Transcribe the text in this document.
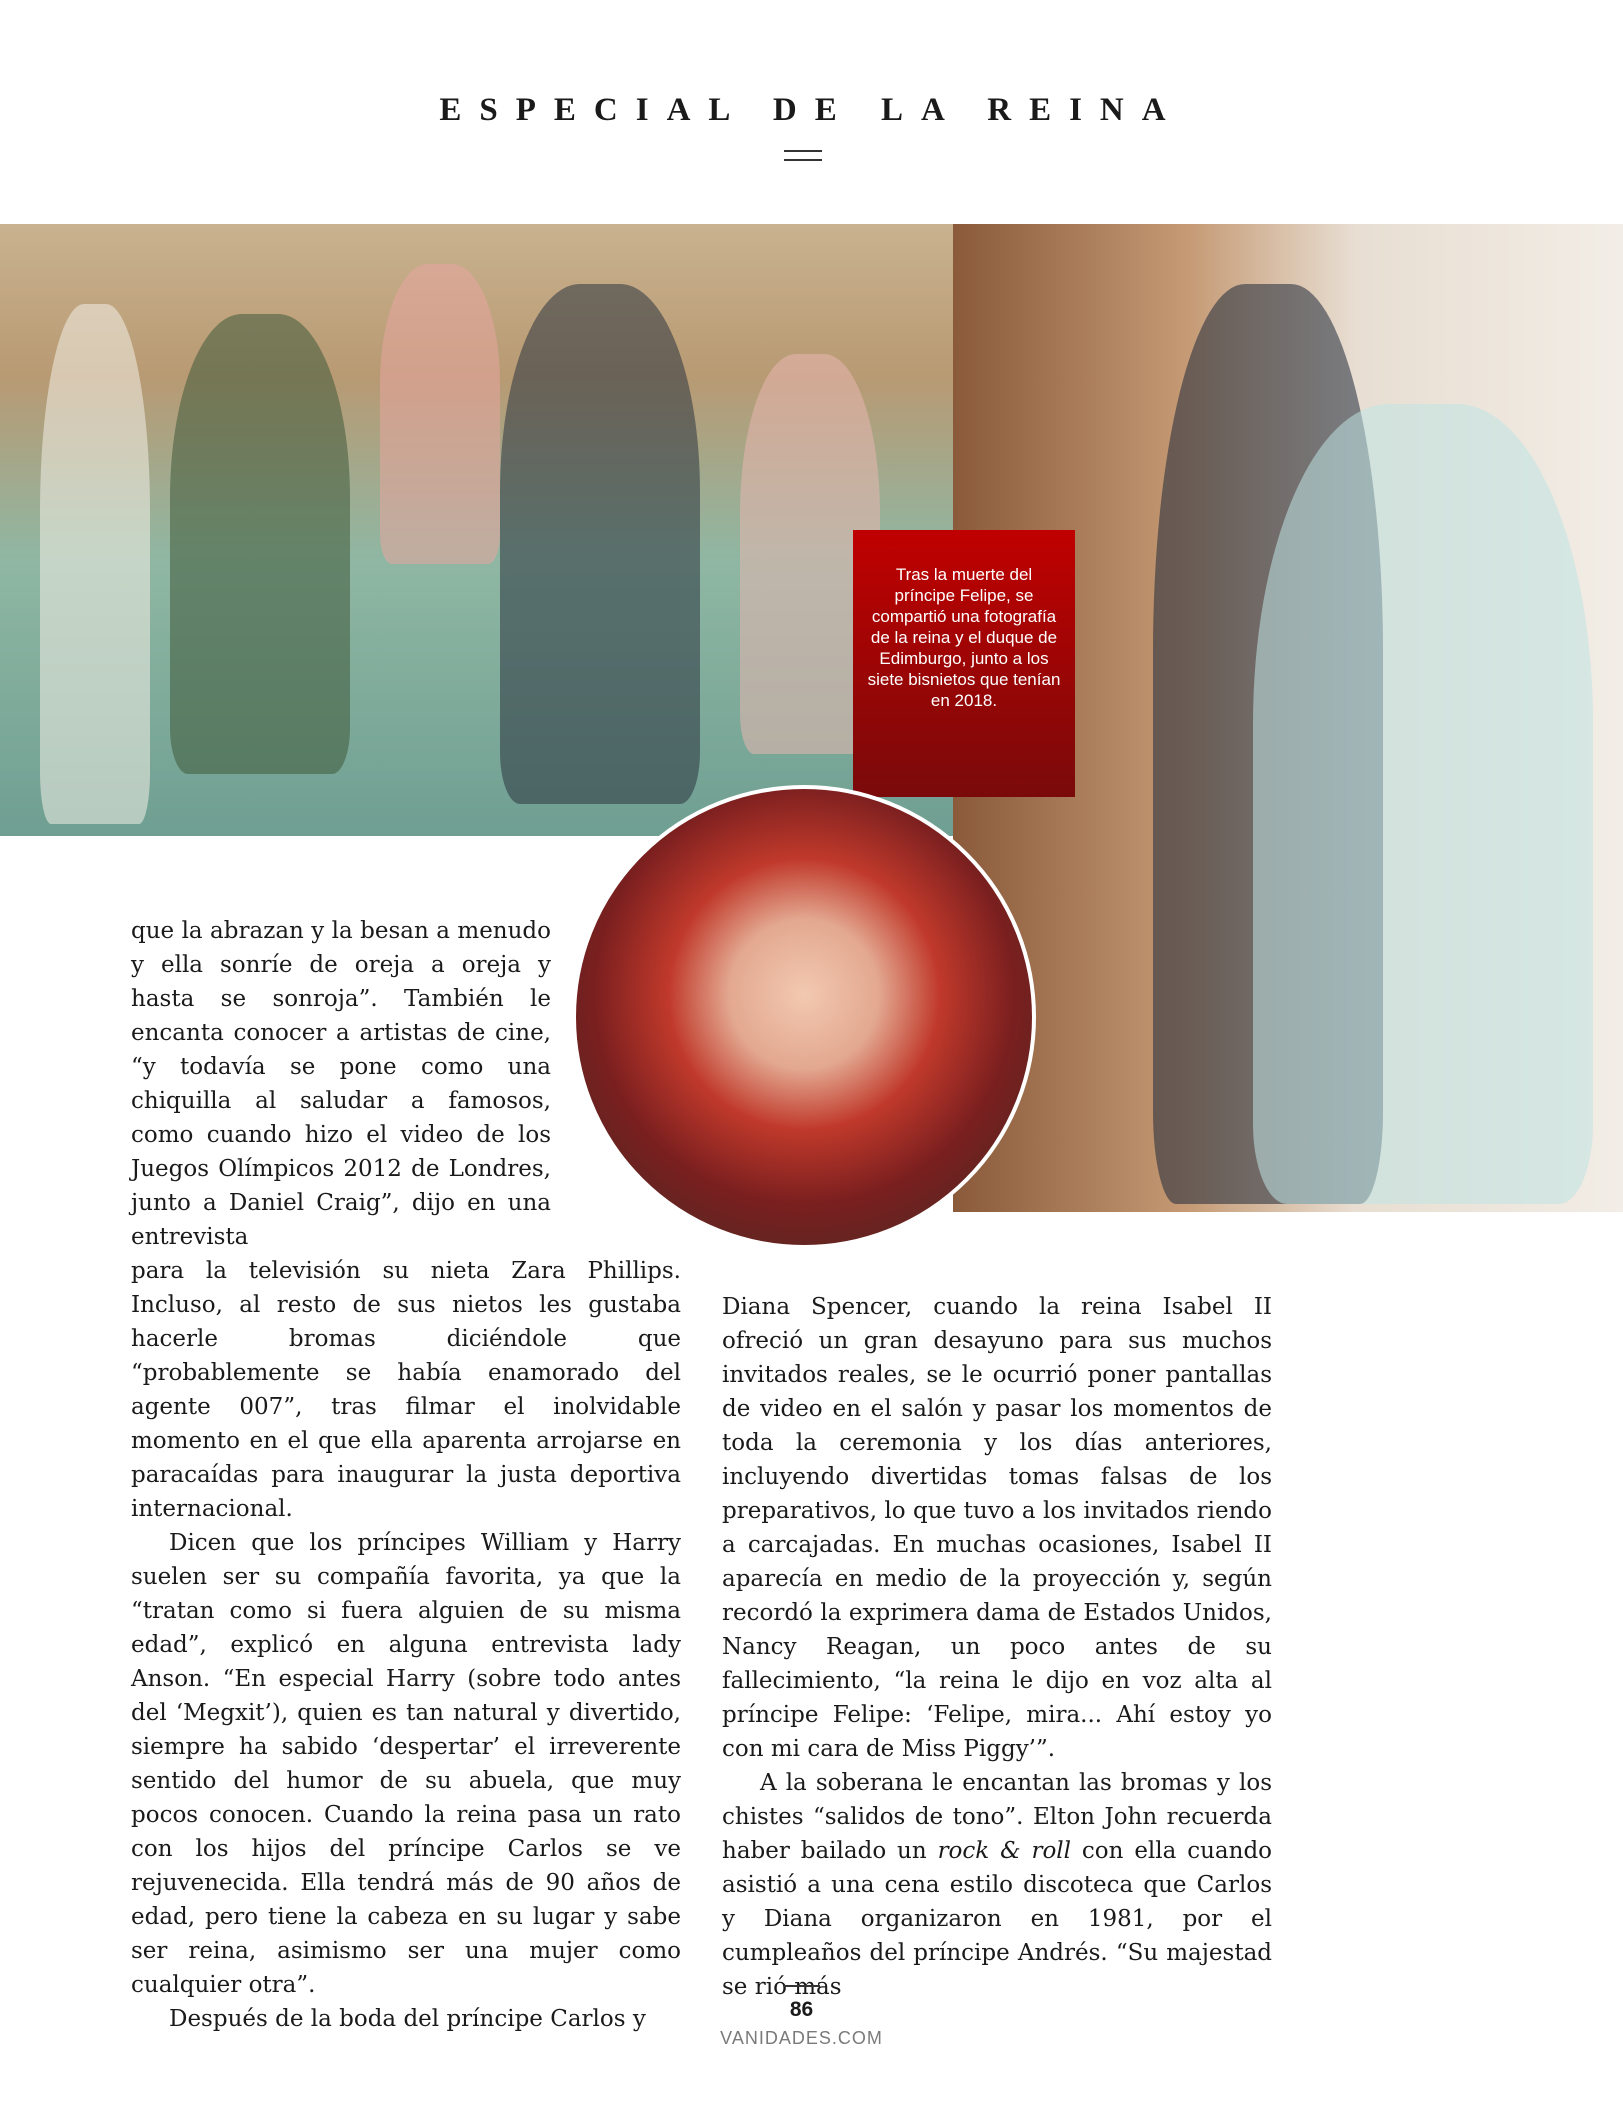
ESPECIAL DE LA REINA
Tras la muerte del príncipe Felipe, se compartió una fotografía de la reina y el duque de Edimburgo, junto a los siete bisnietos que tenían en 2018.

que la abrazan y la besan a menudo y ella sonríe de oreja a oreja y hasta se sonroja”. También le encanta conocer a artistas de cine, “y todavía se pone como una chiquilla al saludar a famosos, como cuando hizo el video de los Juegos Olímpicos 2012 de Londres, junto a Daniel Craig”, dijo en una entrevista

para la televisión su nieta Zara Phillips. Incluso, al resto de sus nietos les gustaba hacerle bromas diciéndole que “probablemente se había enamorado del agente 007”, tras filmar el inolvidable momento en el que ella aparenta arrojarse en paracaídas para inaugurar la justa deportiva internacional.

Dicen que los príncipes William y Harry suelen ser su compañía favorita, ya que la “tratan como si fuera alguien de su misma edad”, explicó en alguna entrevista lady Anson. “En especial Harry (sobre todo antes del ‘Megxit’), quien es tan natural y divertido, siempre ha sabido ‘despertar’ el irreverente sentido del humor de su abuela, que muy pocos conocen. Cuando la reina pasa un rato con los hijos del príncipe Carlos se ve rejuvenecida. Ella tendrá más de 90 años de edad, pero tiene la cabeza en su lugar y sabe ser reina, asimismo ser una mujer como cualquier otra”.

Después de la boda del príncipe Carlos y

Diana Spencer, cuando la reina Isabel II ofreció un gran desayuno para sus muchos invitados reales, se le ocurrió poner pantallas de video en el salón y pasar los momentos de toda la ceremonia y los días anteriores, incluyendo divertidas tomas falsas de los preparativos, lo que tuvo a los invitados riendo a carcajadas. En muchas ocasiones, Isabel II aparecía en medio de la proyección y, según recordó la exprimera dama de Estados Unidos, Nancy Reagan, un poco antes de su fallecimiento, “la reina le dijo en voz alta al príncipe Felipe: ‘Felipe, mira... Ahí estoy yo con mi cara de Miss Piggy’”.

A la soberana le encantan las bromas y los chistes “salidos de tono”. Elton John recuerda haber bailado un rock & roll con ella cuando asistió a una cena estilo discoteca que Carlos y Diana organizaron en 1981, por el cumpleaños del príncipe Andrés. “Su majestad se rió más

86
VANIDADES.COM
